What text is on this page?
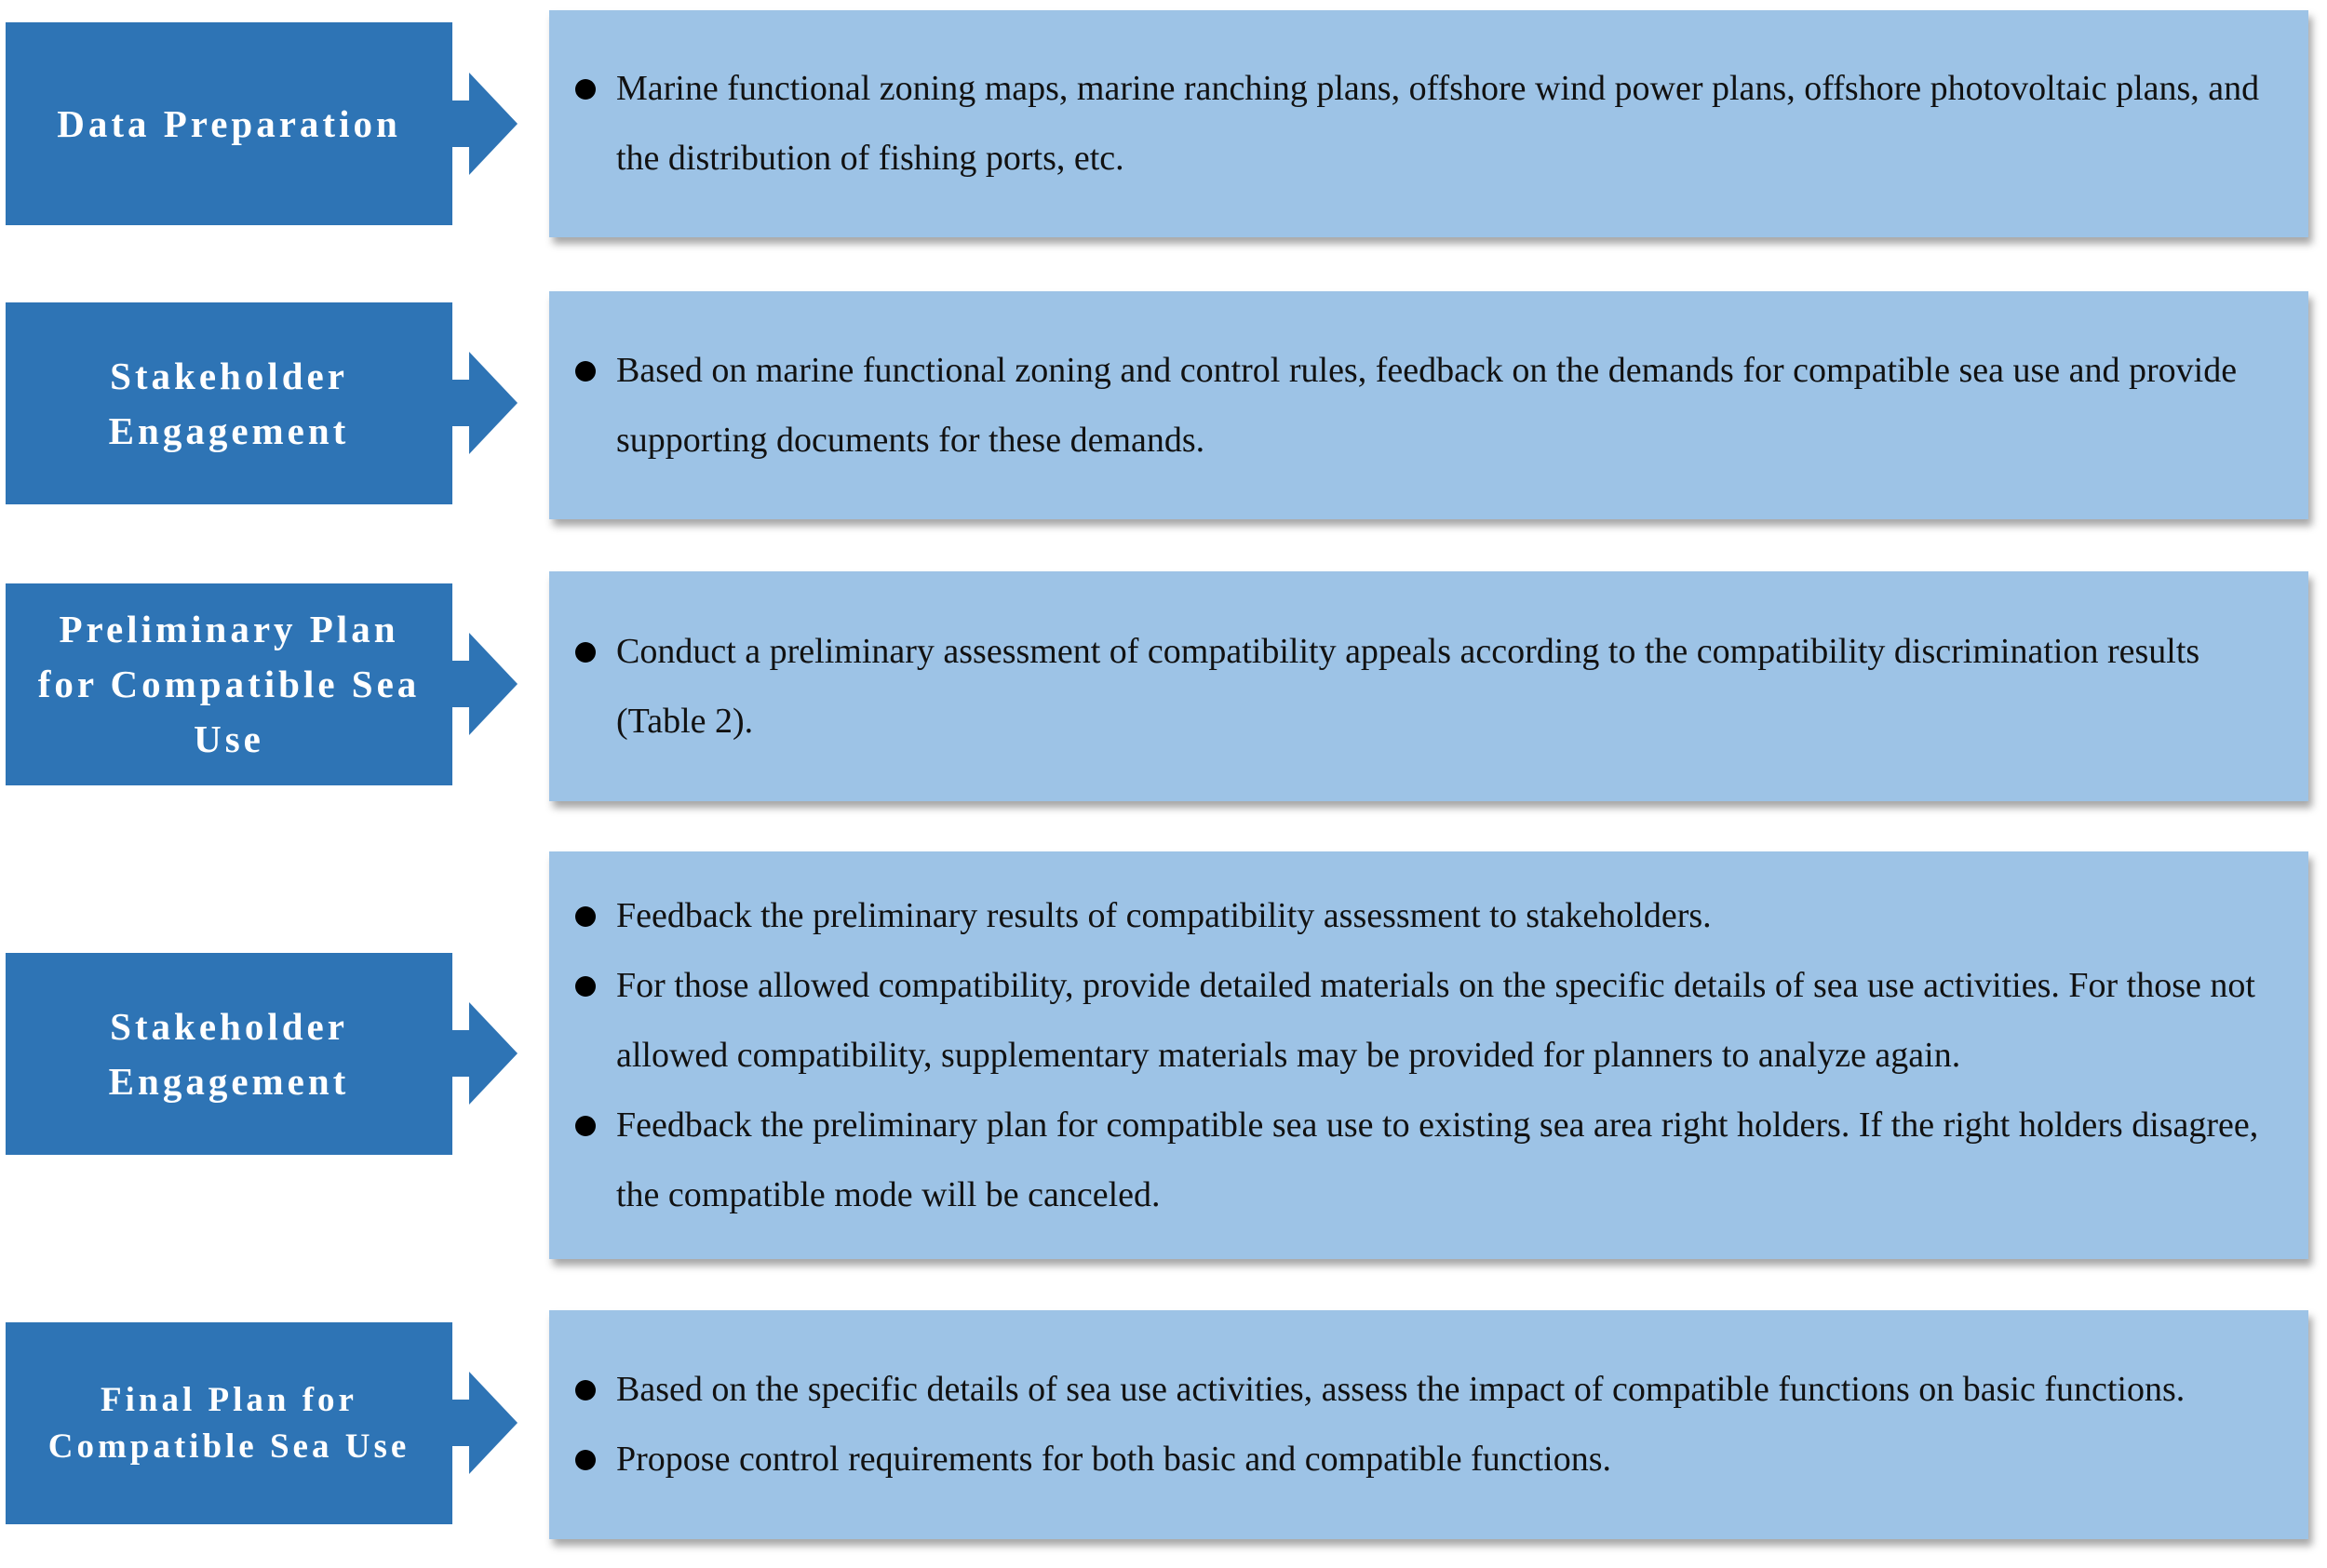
Data Preparation
Marine functional zoning maps, marine ranching plans, offshore wind power plans, offshore photovoltaic plans, and the distribution of fishing ports, etc.
Stakeholder Engagement
Based on marine functional zoning and control rules, feedback on the demands for compatible sea use and provide supporting documents for these demands.
Preliminary Plan for Compatible Sea Use
Conduct a preliminary assessment of compatibility appeals according to the compatibility discrimination results (Table 2).
Stakeholder Engagement
Feedback the preliminary results of compatibility assessment to stakeholders.
For those allowed compatibility, provide detailed materials on the specific details of sea use activities. For those not allowed compatibility, supplementary materials may be provided for planners to analyze again.
Feedback the preliminary plan for compatible sea use to existing sea area right holders. If the right holders disagree, the compatible mode will be canceled.
Final Plan for Compatible Sea Use
Based on the specific details of sea use activities, assess the impact of compatible functions on basic functions.
Propose control requirements for both basic and compatible functions.
